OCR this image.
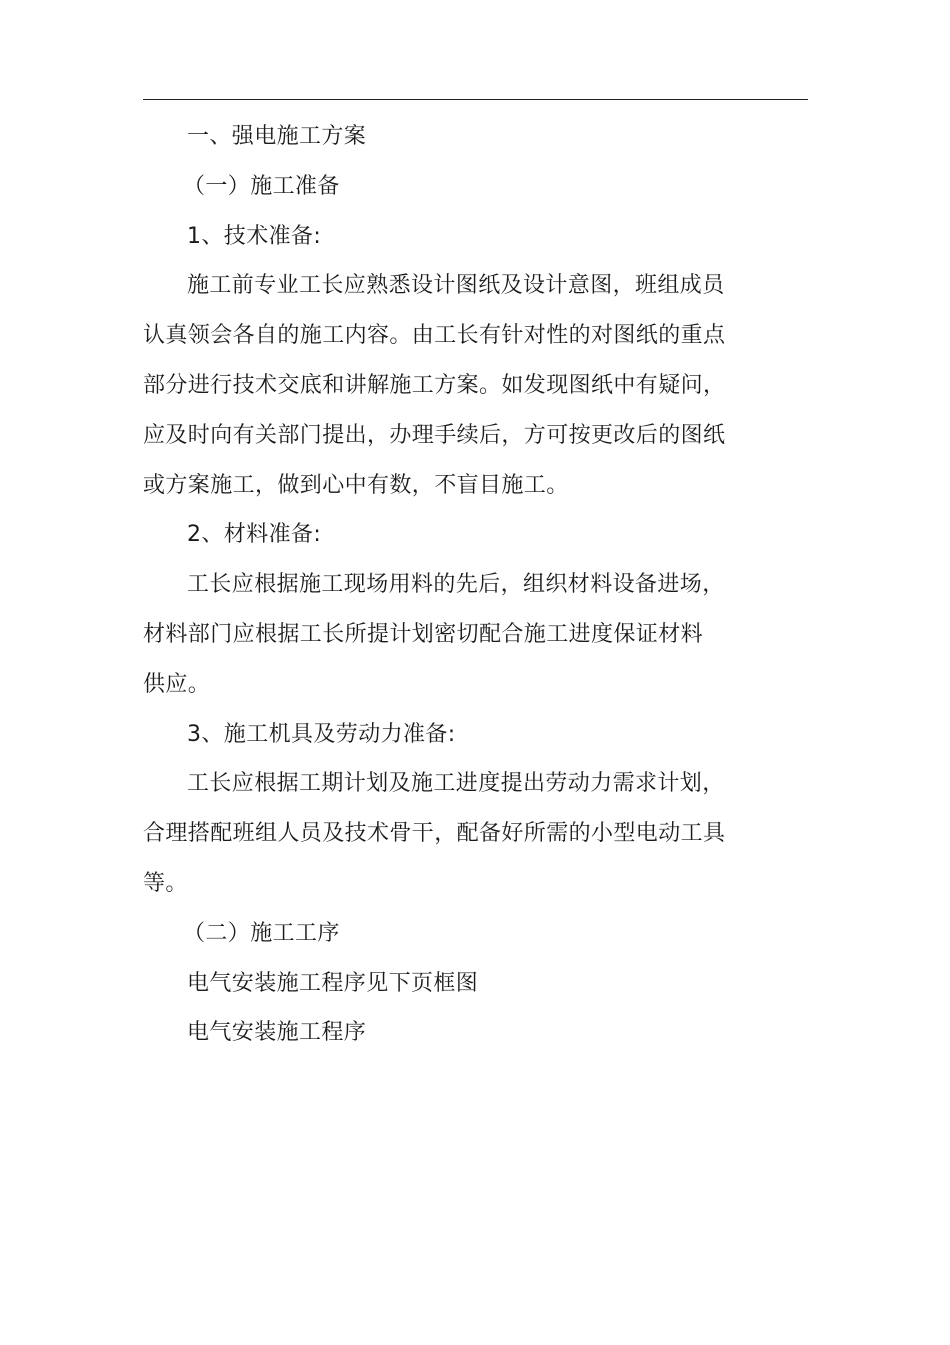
一、强电施工方案
（一）施工准备
1、技术准备:
施工前专业工长应熟悉设计图纸及设计意图，班组成员
认真领会各自的施工内容。由工长有针对性的对图纸的重点
部分进行技术交底和讲解施工方案。如发现图纸中有疑问，
应及时向有关部门提出，办理手续后，方可按更改后的图纸
或方案施工，做到心中有数，不盲目施工。
2、材料准备:
工长应根据施工现场用料的先后，组织材料设备进场，
材料部门应根据工长所提计划密切配合施工进度保证材料
供应。
3、施工机具及劳动力准备:
工长应根据工期计划及施工进度提出劳动力需求计划，
合理搭配班组人员及技术骨干，配备好所需的小型电动工具
等。
（二）施工工序
电气安装施工程序见下页框图
电气安装施工程序
